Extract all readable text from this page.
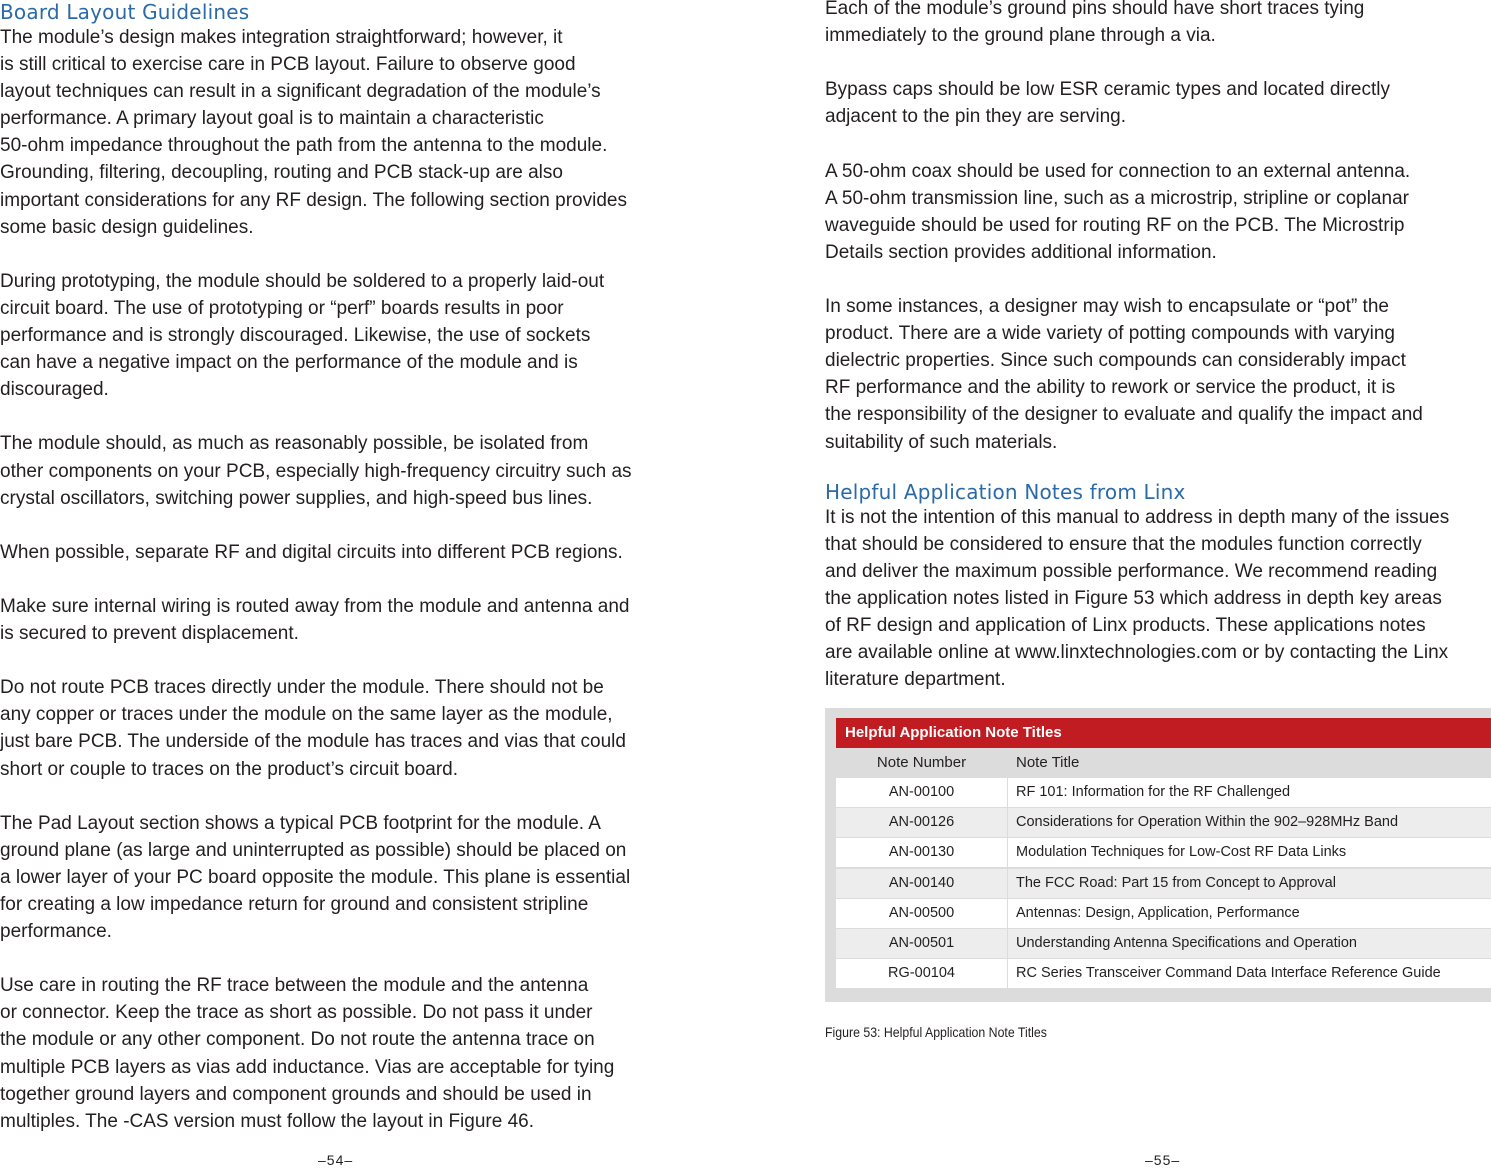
Board Layout Guidelines

The module’s design makes integration straightforward; however, it
is still critical to exercise care in PCB layout. Failure to observe good
layout techniques can result in a significant degradation of the module’s
performance. A primary layout goal is to maintain a characteristic
50-ohm impedance throughout the path from the antenna to the module.
Grounding, filtering, decoupling, routing and PCB stack-up are also
important considerations for any RF design. The following section provides
some basic design guidelines.

During prototyping, the module should be soldered to a properly laid-out
circuit board. The use of prototyping or “perf” boards results in poor
performance and is strongly discouraged. Likewise, the use of sockets
can have a negative impact on the performance of the module and is
discouraged.

The module should, as much as reasonably possible, be isolated from
other components on your PCB, especially high-frequency circuitry such as
crystal oscillators, switching power supplies, and high-speed bus lines.

When possible, separate RF and digital circuits into different PCB regions.

Make sure internal wiring is routed away from the module and antenna and
is secured to prevent displacement.

Do not route PCB traces directly under the module. There should not be
any copper or traces under the module on the same layer as the module,
just bare PCB. The underside of the module has traces and vias that could
short or couple to traces on the product’s circuit board.

The Pad Layout section shows a typical PCB footprint for the module. A
ground plane (as large and uninterrupted as possible) should be placed on
a lower layer of your PC board opposite the module. This plane is essential
for creating a low impedance return for ground and consistent stripline
performance.

Use care in routing the RF trace between the module and the antenna
or connector. Keep the trace as short as possible. Do not pass it under
the module or any other component. Do not route the antenna trace on
multiple PCB layers as vias add inductance. Vias are acceptable for tying
together ground layers and component grounds and should be used in
multiples. The -CAS version must follow the layout in Figure 46.

–54–

Each of the module’s ground pins should have short traces tying
immediately to the ground plane through a via.

Bypass caps should be low ESR ceramic types and located directly
adjacent to the pin they are serving.

A 50-ohm coax should be used for connection to an external antenna.
A 50-ohm transmission line, such as a microstrip, stripline or coplanar
waveguide should be used for routing RF on the PCB. The Microstrip
Details section provides additional information.

In some instances, a designer may wish to encapsulate or “pot” the
product. There are a wide variety of potting compounds with varying
dielectric properties. Since such compounds can considerably impact
RF performance and the ability to rework or service the product, it is
the responsibility of the designer to evaluate and qualify the impact and
suitability of such materials.

Helpful Application Notes from Linx

It is not the intention of this manual to address in depth many of the issues
that should be considered to ensure that the modules function correctly
and deliver the maximum possible performance. We recommend reading
the application notes listed in Figure 53 which address in depth key areas
of RF design and application of Linx products. These applications notes
are available online at www.linxtechnologies.com or by contacting the Linx
literature department.

Helpful Application Note Titles
Note Number	Note Title
AN-00100	RF 101: Information for the RF Challenged
AN-00126	Considerations for Operation Within the 902–928MHz Band
AN-00130	Modulation Techniques for Low-Cost RF Data Links
AN-00140	The FCC Road: Part 15 from Concept to Approval
AN-00500	Antennas: Design, Application, Performance
AN-00501	Understanding Antenna Specifications and Operation
RG-00104	RC Series Transceiver Command Data Interface Reference Guide
Figure 53: Helpful Application Note Titles
–55–
